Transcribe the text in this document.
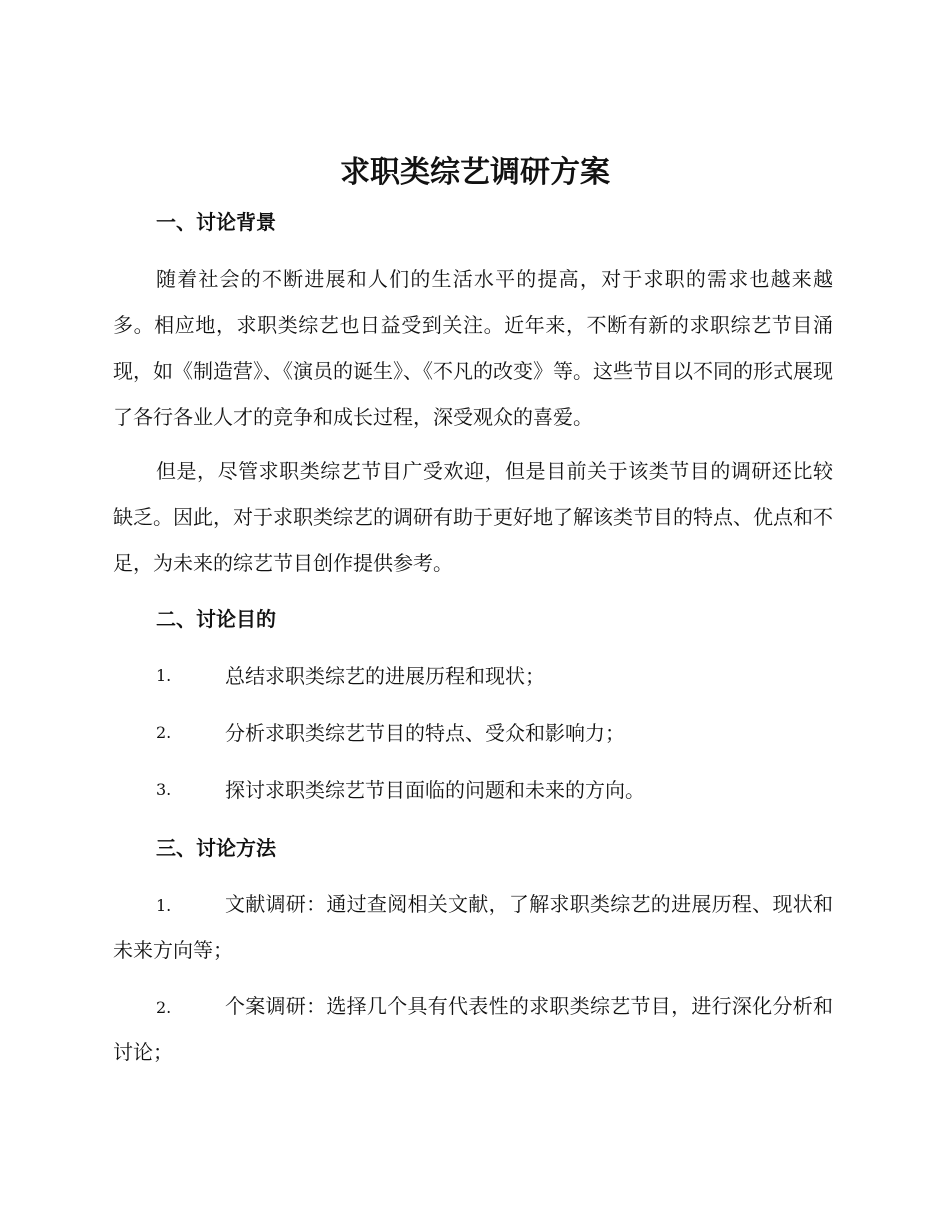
求职类综艺调研方案
一、讨论背景
随着社会的不断进展和人们的生活水平的提高，对于求职的需求也越来越多。相应地，求职类综艺也日益受到关注。近年来，不断有新的求职综艺节目涌现，如《制造营》、《演员的诞生》、《不凡的改变》等。这些节目以不同的形式展现了各行各业人才的竞争和成长过程，深受观众的喜爱。
但是，尽管求职类综艺节目广受欢迎，但是目前关于该类节目的调研还比较缺乏。因此，对于求职类综艺的调研有助于更好地了解该类节目的特点、优点和不足，为未来的综艺节目创作提供参考。
二、讨论目的
1.	总结求职类综艺的进展历程和现状；
2.	分析求职类综艺节目的特点、受众和影响力；
3.	探讨求职类综艺节目面临的问题和未来的方向。
三、讨论方法
1.	文献调研：通过查阅相关文献，了解求职类综艺的进展历程、现状和未来方向等；
2.	个案调研：选择几个具有代表性的求职类综艺节目，进行深化分析和讨论；
